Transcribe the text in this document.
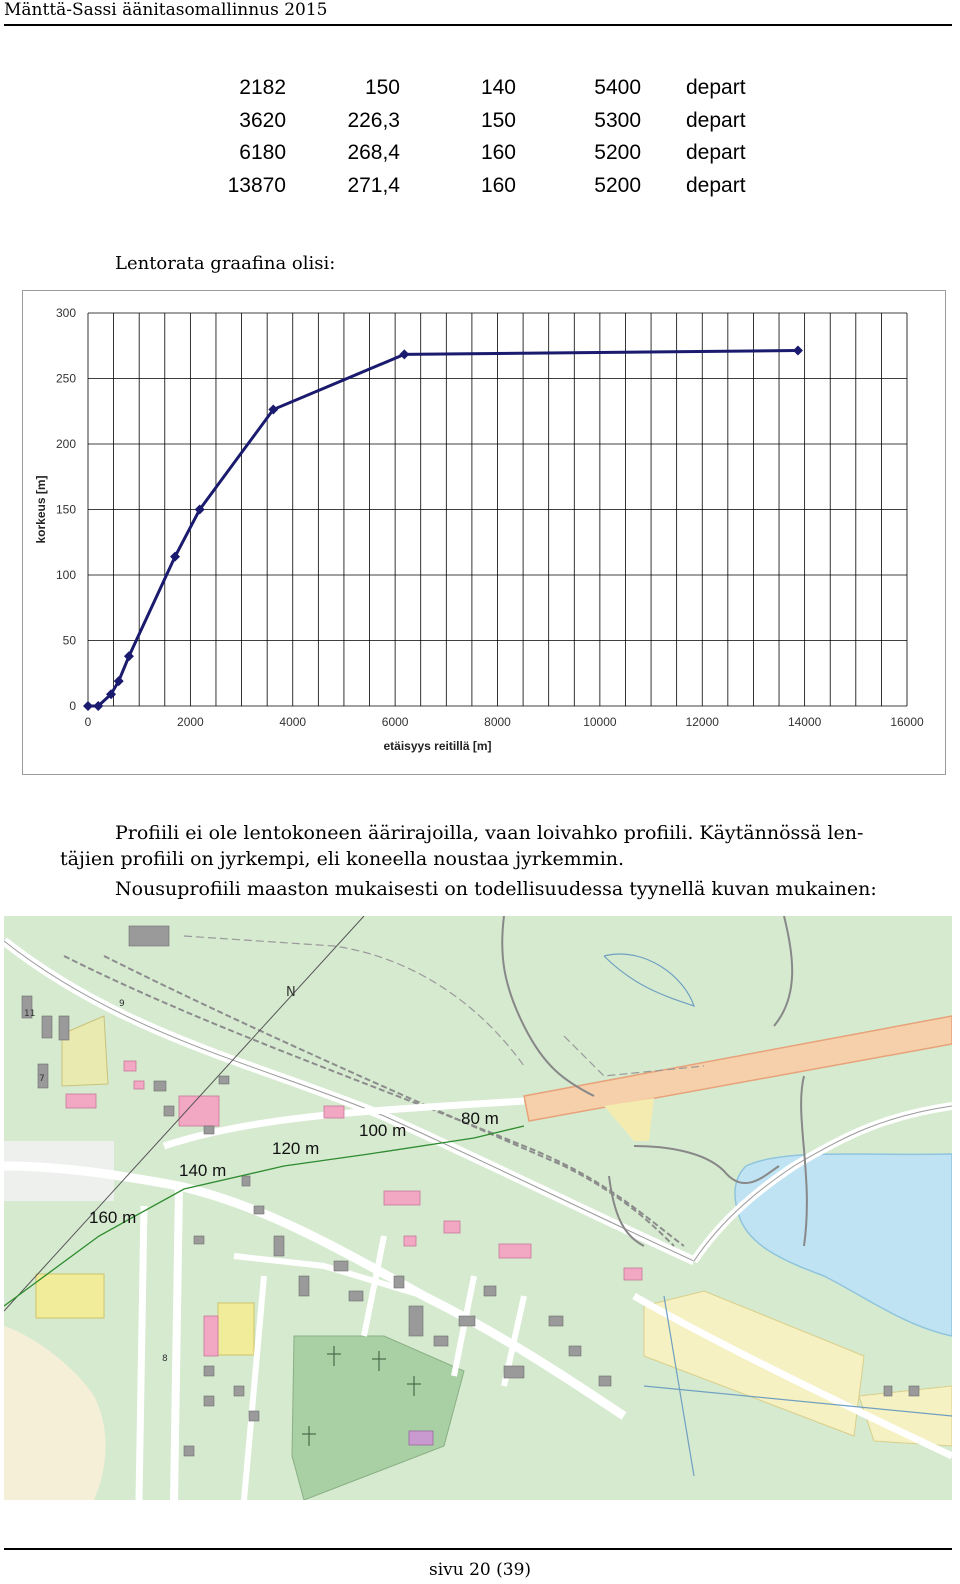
Mänttä-Sassi äänitasomallinnus 2015
2182	150	140	5400	depart
3620	226,3	150	5300	depart
6180	268,4	160	5200	depart
13870	271,4	160	5200	depart
Lentorata graafina olisi:
0	2000	4000	6000	8000	10000	12000	14000	16000
0
50
100
150
200
250
300
etäisyys reitillä [m]
korkeus [m]
Profiili ei ole lentokoneen äärirajoilla, vaan loivahko profiili. Käytännössä len-
täjien profiili on jyrkempi, eli koneella noustaa jyrkemmin.
Nousuprofiili maaston mukaisesti on todellisuudessa tyynellä kuvan mukainen:
N
11
9
7
8
160 m
140 m
120 m
100 m
80 m
sivu 20 (39)
